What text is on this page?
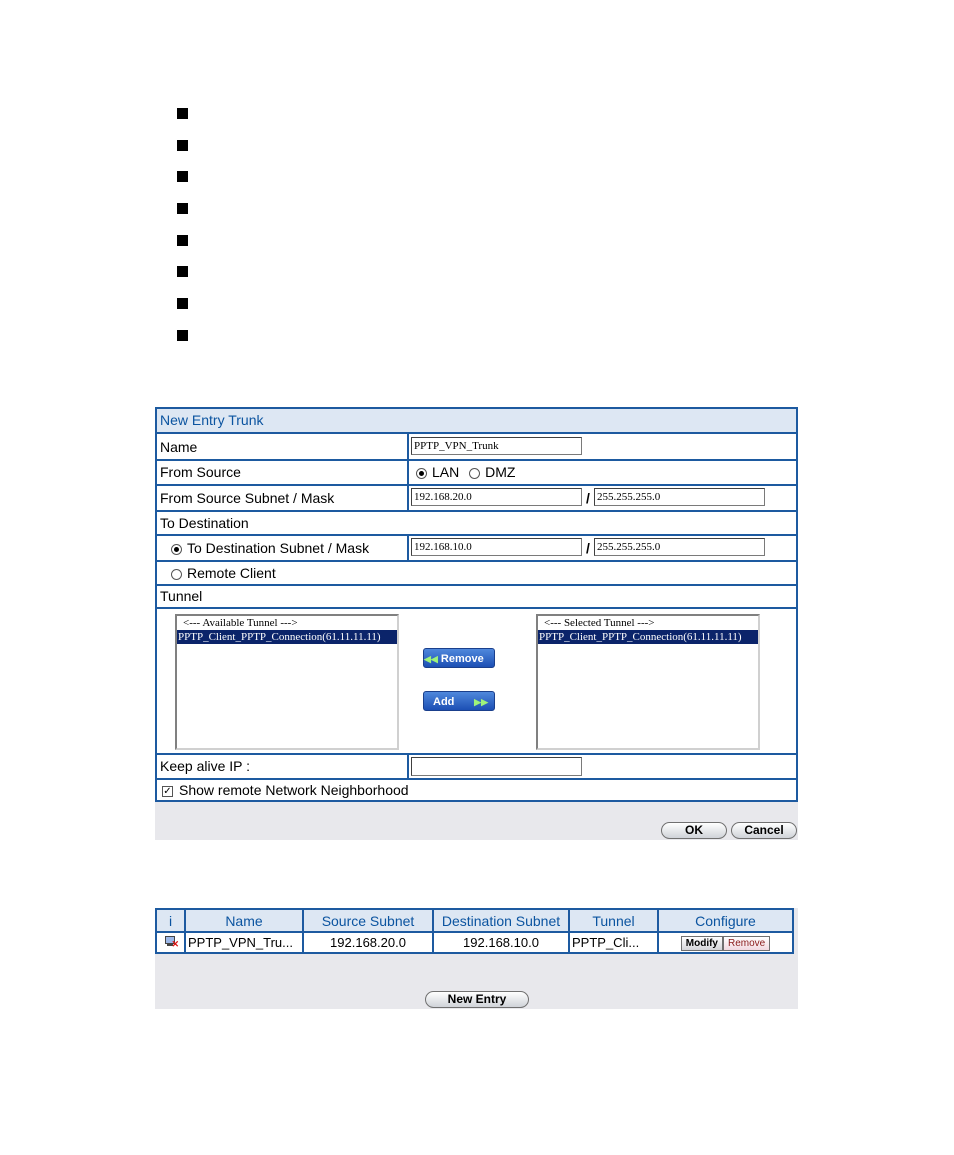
New Entry Trunk
Name	PPTP_VPN_Trunk
From Source	LAN DMZ
From Source Subnet / Mask	192.168.20.0	/ 255.255.255.0
To Destination
To Destination Subnet / Mask	192.168.10.0	/ 255.255.255.0
Remote Client
Tunnel
<--- Available Tunnel --->
PPTP_Client_PPTP_Connection(61.11.11.11)
◀◀ Remove
Add ▶▶
<--- Selected Tunnel --->
PPTP_Client_PPTP_Connection(61.11.11.11)
Keep alive IP :
✓ Show remote Network Neighborhood
OK	Cancel
i	Name	Source Subnet	Destination Subnet	Tunnel	Configure

✕	PPTP_VPN_Tru...	192.168.20.0	192.168.10.0	PPTP_Cli...	Modify Remove
New Entry
